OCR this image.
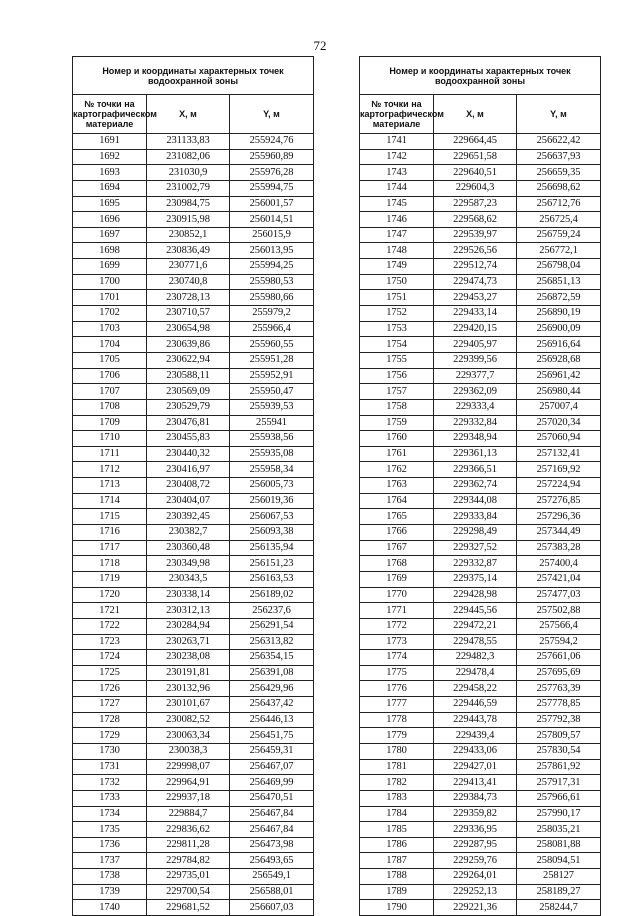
72
Номер и координаты характерных точек водоохранной зоны		
№ точки на картографическом материале	X, м	Y, м
1691	231133,83	255924,76
1692	231082,06	255960,89
1693	231030,9	255976,28
1694	231002,79	255994,75
1695	230984,75	256001,57
1696	230915,98	256014,51
1697	230852,1	256015,9
1698	230836,49	256013,95
1699	230771,6	255994,25
1700	230740,8	255980,53
1701	230728,13	255980,66
1702	230710,57	255979,2
1703	230654,98	255966,4
1704	230639,86	255960,55
1705	230622,94	255951,28
1706	230588,11	255952,91
1707	230569,09	255950,47
1708	230529,79	255939,53
1709	230476,81	255941
1710	230455,83	255938,56
1711	230440,32	255935,08
1712	230416,97	255958,34
1713	230408,72	256005,73
1714	230404,07	256019,36
1715	230392,45	256067,53
1716	230382,7	256093,38
1717	230360,48	256135,94
1718	230349,98	256151,23
1719	230343,5	256163,53
1720	230338,14	256189,02
1721	230312,13	256237,6
1722	230284,94	256291,54
1723	230263,71	256313,82
1724	230238,08	256354,15
1725	230191,81	256391,08
1726	230132,96	256429,96
1727	230101,67	256437,42
1728	230082,52	256446,13
1729	230063,34	256451,75
1730	230038,3	256459,31
1731	229998,07	256467,07
1732	229964,91	256469,99
1733	229937,18	256470,51
1734	229884,7	256467,84
1735	229836,62	256467,84
1736	229811,28	256473,98
1737	229784,82	256493,65
1738	229735,01	256549,1
1739	229700,54	256588,01
1740	229681,52	256607,03
Номер и координаты характерных точек водоохранной зоны		
№ точки на картографическом материале	X, м	Y, м
1741	229664,45	256622,42
1742	229651,58	256637,93
1743	229640,51	256659,35
1744	229604,3	256698,62
1745	229587,23	256712,76
1746	229568,62	256725,4
1747	229539,97	256759,24
1748	229526,56	256772,1
1749	229512,74	256798,04
1750	229474,73	256851,13
1751	229453,27	256872,59
1752	229433,14	256890,19
1753	229420,15	256900,09
1754	229405,97	256916,64
1755	229399,56	256928,68
1756	229377,7	256961,42
1757	229362,09	256980,44
1758	229333,4	257007,4
1759	229332,84	257020,34
1760	229348,94	257060,94
1761	229361,13	257132,41
1762	229366,51	257169,92
1763	229362,74	257224,94
1764	229344,08	257276,85
1765	229333,84	257296,36
1766	229298,49	257344,49
1767	229327,52	257383,28
1768	229332,87	257400,4
1769	229375,14	257421,04
1770	229428,98	257477,03
1771	229445,56	257502,88
1772	229472,21	257566,4
1773	229478,55	257594,2
1774	229482,3	257661,06
1775	229478,4	257695,69
1776	229458,22	257763,39
1777	229446,59	257778,85
1778	229443,78	257792,38
1779	229439,4	257809,57
1780	229433,06	257830,54
1781	229427,01	257861,92
1782	229413,41	257917,31
1783	229384,73	257966,61
1784	229359,82	257990,17
1785	229336,95	258035,21
1786	229287,95	258081,88
1787	229259,76	258094,51
1788	229264,01	258127
1789	229252,13	258189,27
1790	229221,36	258244,7
